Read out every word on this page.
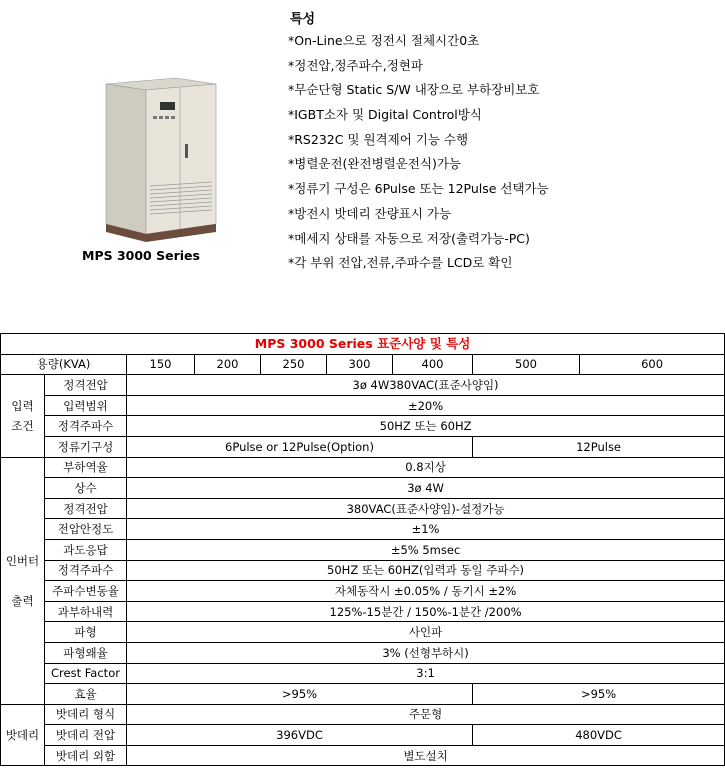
MPS 3000 Series
특성
* On-Line으로 정전시 절체시간0초
* 정전압,정주파수,정현파
* 무순단형 Static S/W 내장으로 부하장비보호
* IGBT소자 및 Digital Control방식
* RS232C 및 원격제어 기능 수행
* 병렬운전(완전병렬운전식)가능
* 정류기 구성은 6Pulse 또는 12Pulse 선택가능
* 방전시 밧데리 잔량표시 가능
* 메세지 상태를 자동으로 저장(출력가능-PC)
* 각 부위 전압,전류,주파수를 LCD로 확인
MPS 3000 Series 표준사양 및 특성								
용량(KVA)		150	200	250	300	400	500	600
입력
조건	정격전압	3ø 4W380VAC(표준사양임)						
	입력범위	±20%						
	정격주파수	50HZ 또는 60HZ						
	정류기구성	6Pulse or 12Pulse(Option)					12Pulse	
인버터

출력	부하역율	0.8지상						
	상수	3ø 4W						
	정격전압	380VAC(표준사양임)-설정가능						
	전압안정도	±1%						
	과도응답	±5% 5msec						
	정격주파수	50HZ 또는 60HZ(입력과 동일 주파수)						
	주파수변동율	자체동작시 ±0.05% / 동기시 ±2%						
	과부하내력	125%-15분간 / 150%-1분간 /200%						
	파형	사인파						
	파형왜율	3% (선형부하시)						
	Crest Factor	3:1						
	효율	>95%					>95%	
밧데리	밧데리 형식	주문형						
	밧데리 전압	396VDC					480VDC	
	밧데리 외함	별도설치						
